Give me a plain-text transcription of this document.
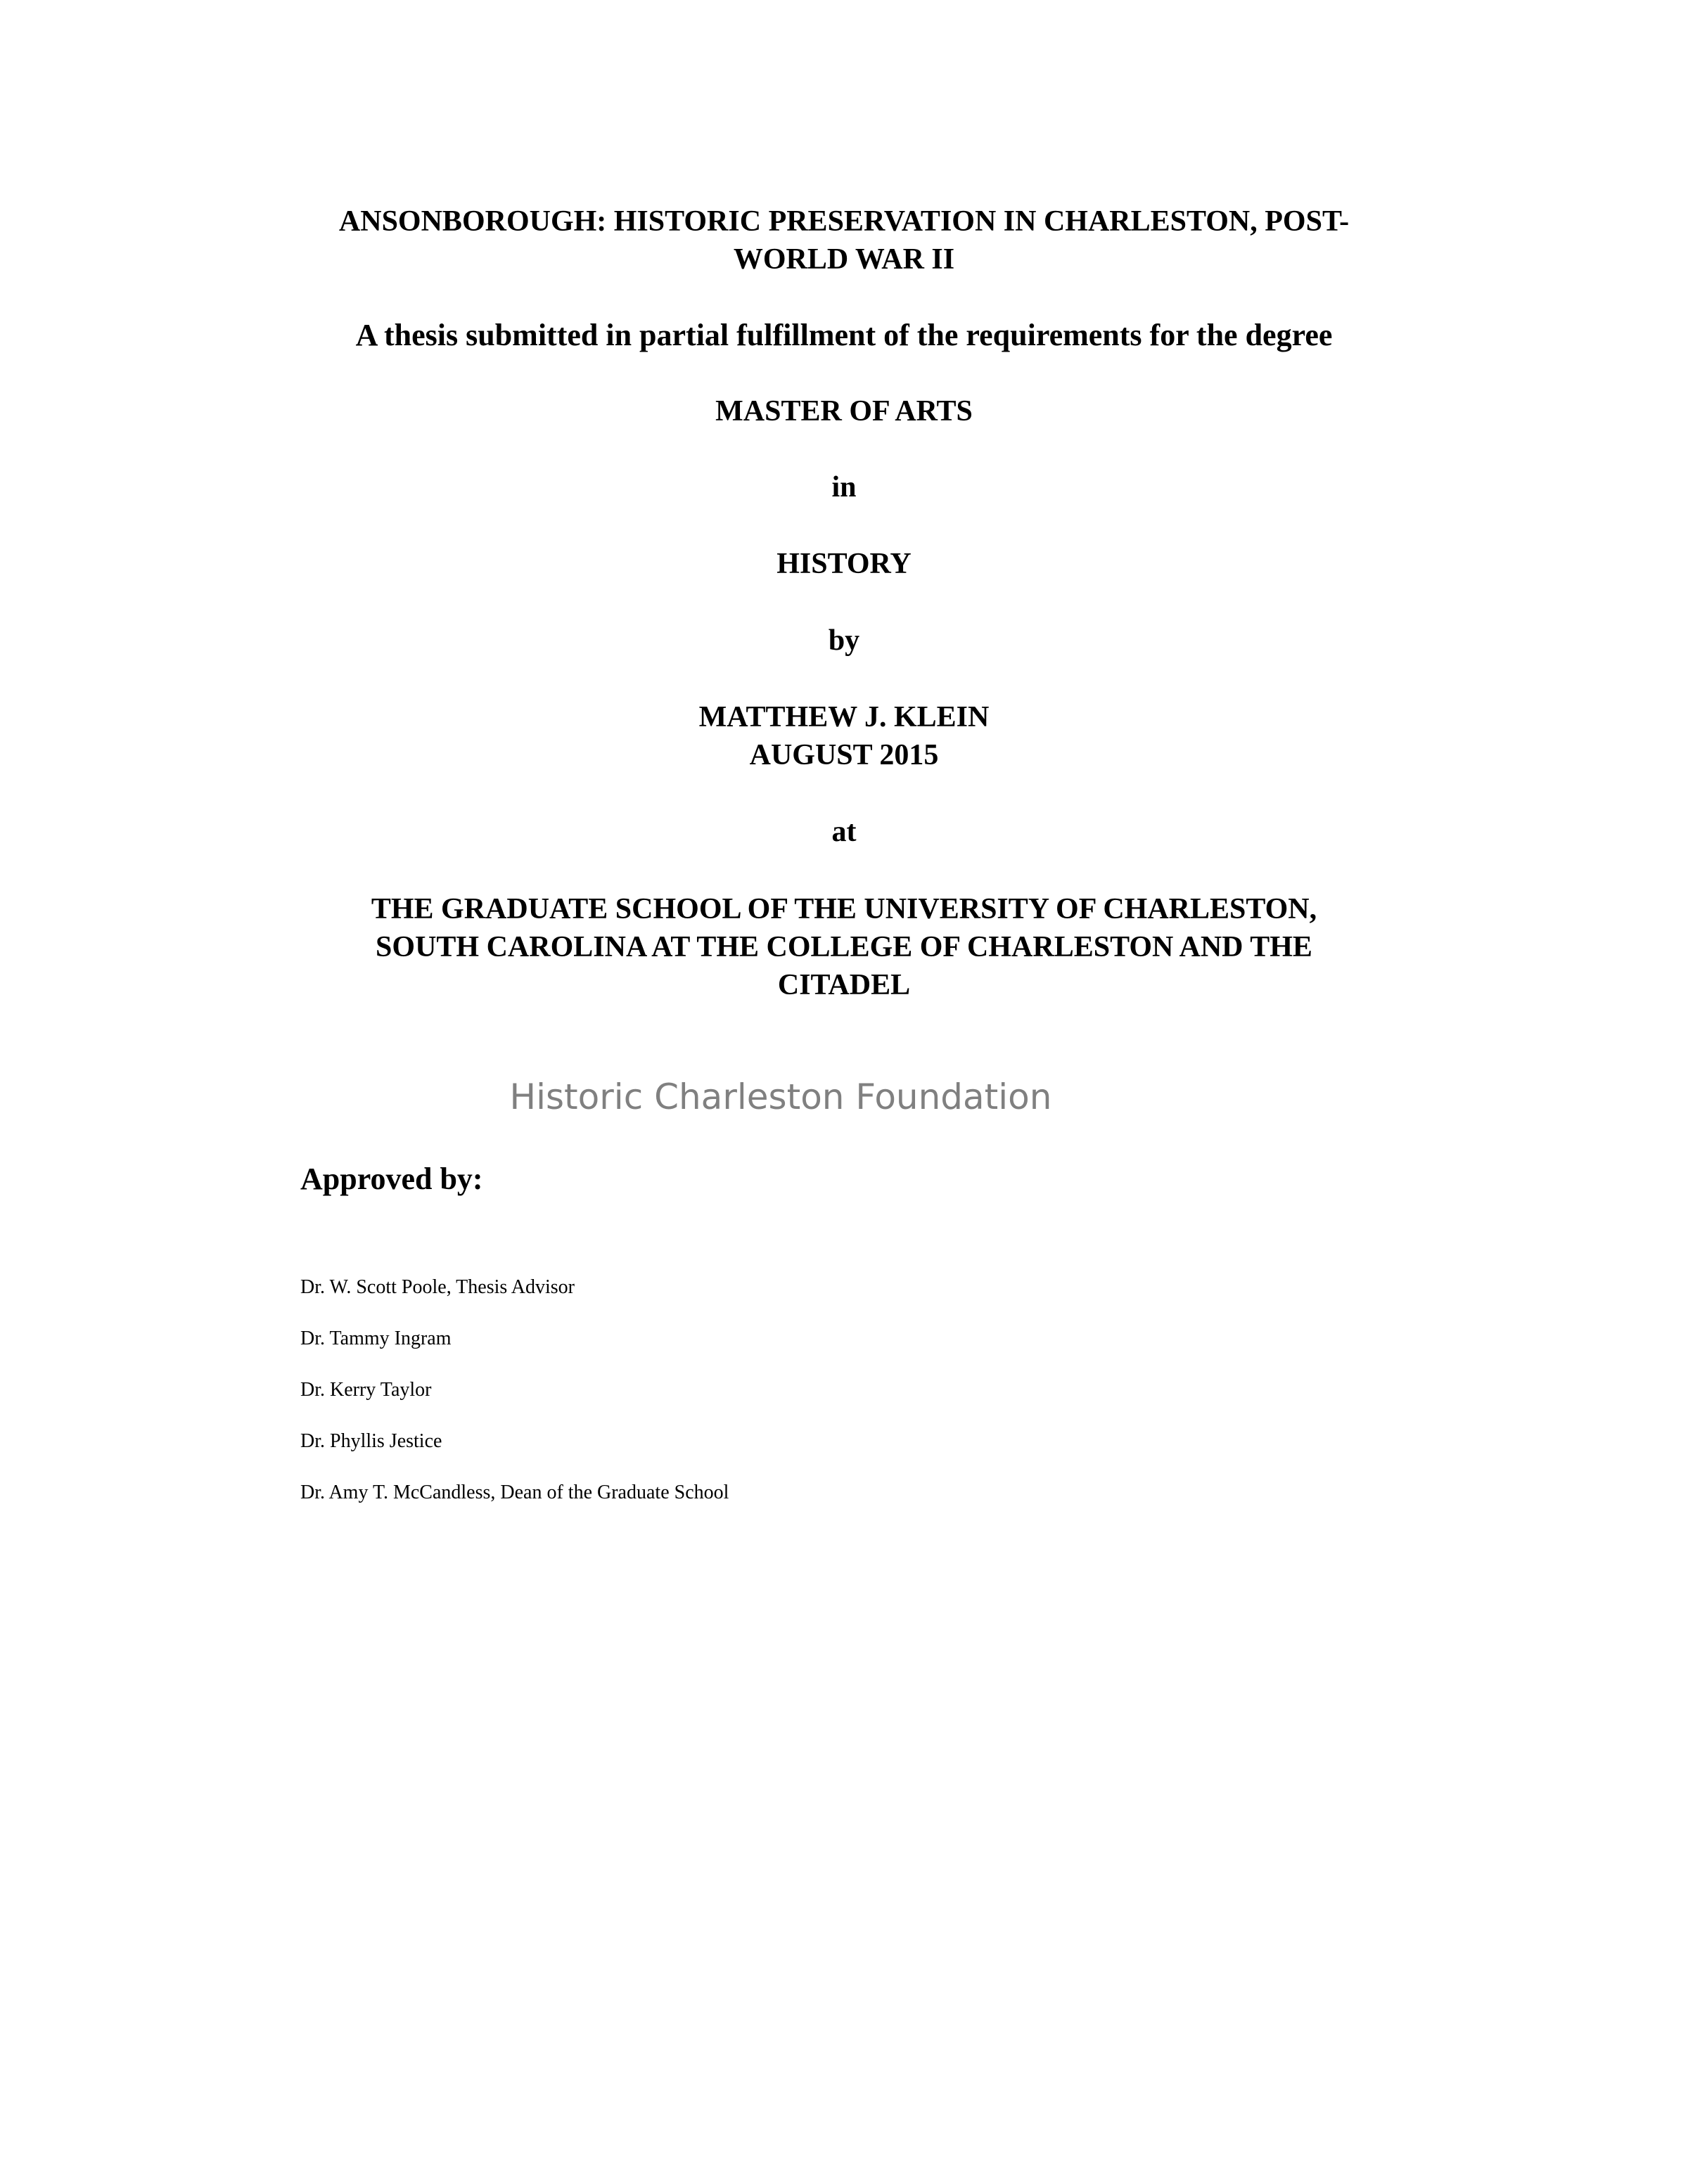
ANSONBOROUGH: HISTORIC PRESERVATION IN CHARLESTON, POST-
WORLD WAR II
A thesis submitted in partial fulfillment of the requirements for the degree
MASTER OF ARTS
in
HISTORY
by
MATTHEW J. KLEIN
AUGUST 2015
at
THE GRADUATE SCHOOL OF THE UNIVERSITY OF CHARLESTON,
SOUTH CAROLINA AT THE COLLEGE OF CHARLESTON AND THE
CITADEL
Historic Charleston Foundation
Approved by:
Dr. W. Scott Poole, Thesis Advisor
Dr. Tammy Ingram
Dr. Kerry Taylor
Dr. Phyllis Jestice
Dr. Amy T. McCandless, Dean of the Graduate School
